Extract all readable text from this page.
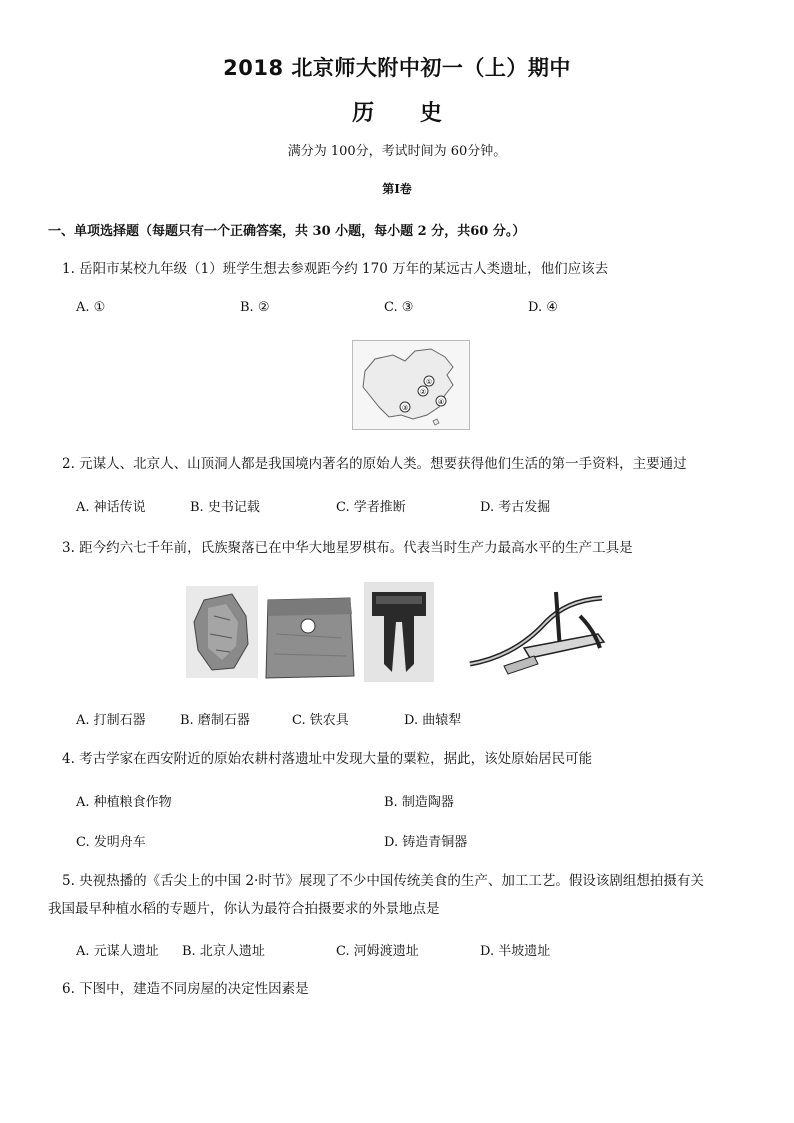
2018 北京师大附中初一（上）期中
历 史
满分为 100分，考试时间为 60分钟。
第Ⅰ卷
一、单项选择题（每题只有一个正确答案，共 30 小题，每小题 2 分，共60 分。）
1. 岳阳市某校九年级（1）班学生想去参观距今约 170 万年的某远古人类遗址，他们应该去
A. ①	B. ②	C. ③	D. ④
①
②
④
③
2. 元谋人、北京人、山顶洞人都是我国境内著名的原始人类。想要获得他们生活的第一手资料，主要通过
A. 神话传说	B. 史书记载	C. 学者推断	D. 考古发掘
3. 距今约六七千年前，氏族聚落已在中华大地星罗棋布。代表当时生产力最高水平的生产工具是
A. 打制石器	B. 磨制石器	C. 铁农具	D. 曲辕犁
4. 考古学家在西安附近的原始农耕村落遗址中发现大量的粟粒，据此，该处原始居民可能
A. 种植粮食作物	B. 制造陶器
C. 发明舟车	D. 铸造青铜器
5. 央视热播的《舌尖上的中国 2·时节》展现了不少中国传统美食的生产、加工工艺。假设该剧组想拍摄有关
我国最早种植水稻的专题片，你认为最符合拍摄要求的外景地点是
A. 元谋人遗址 B. 北京人遗址	C. 河姆渡遗址	D. 半坡遗址
6. 下图中，建造不同房屋的决定性因素是
